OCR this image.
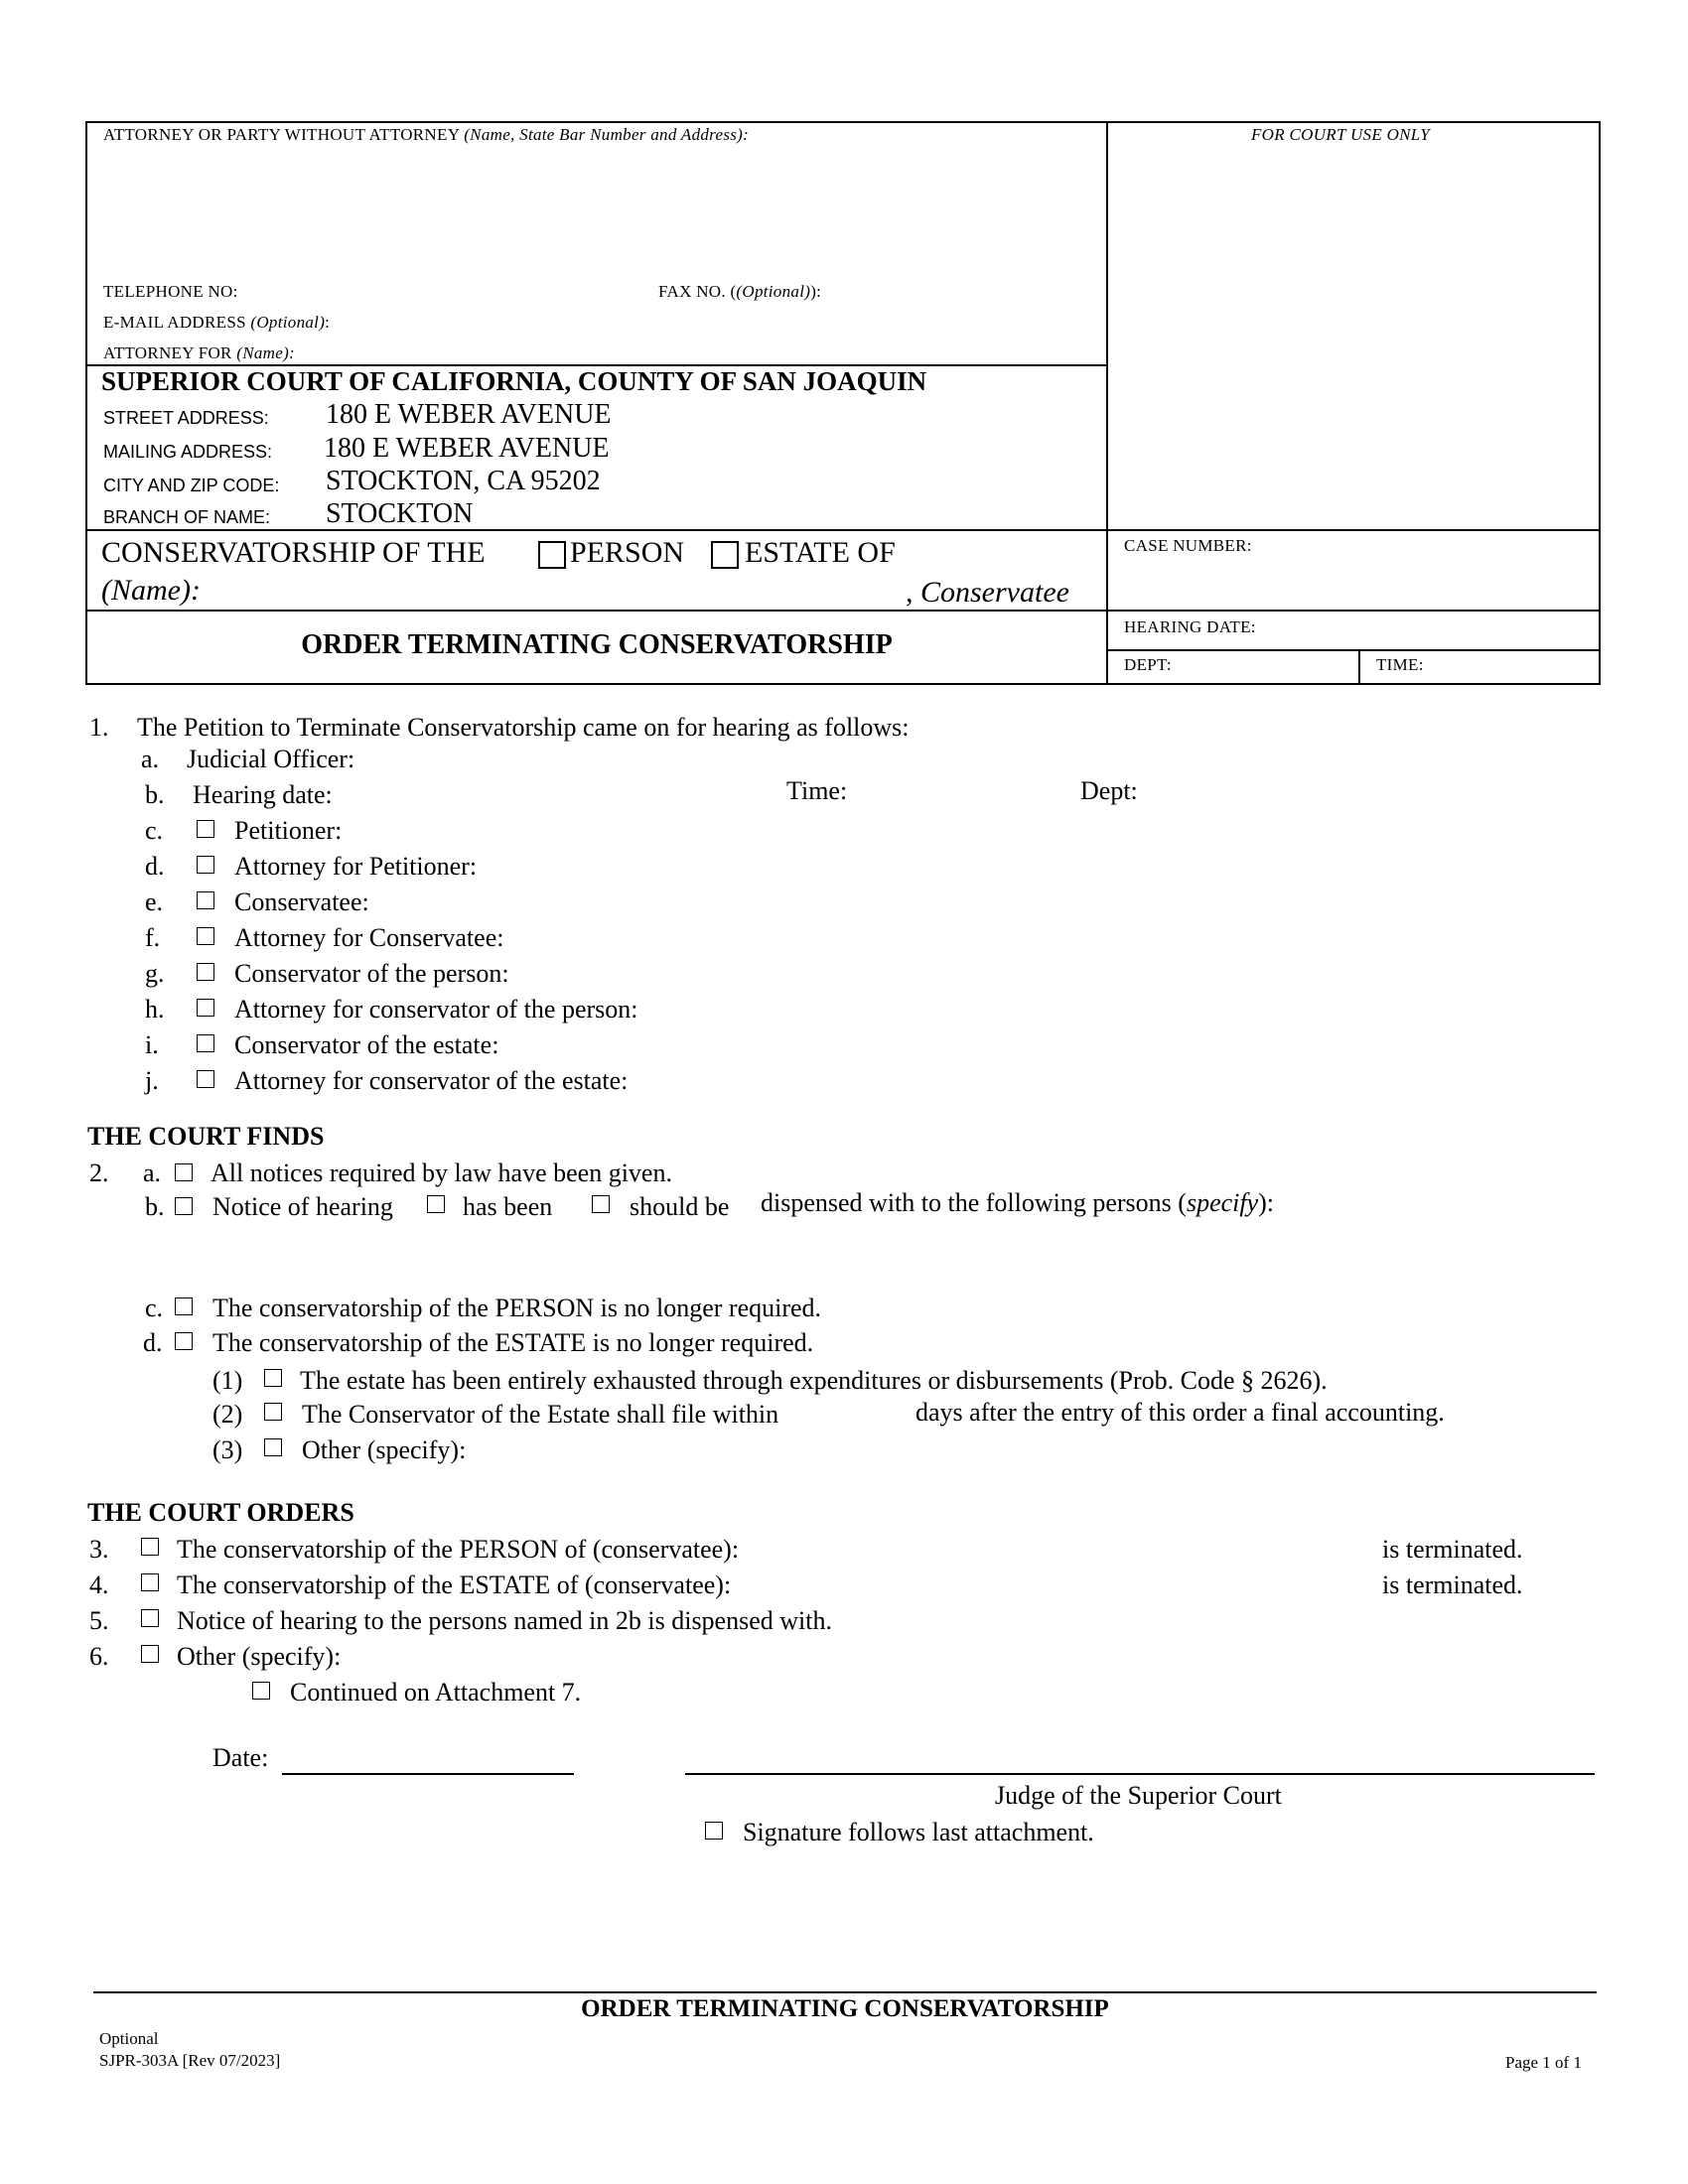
ATTORNEY OR PARTY WITHOUT ATTORNEY (Name, State Bar Number and Address):	FOR COURT USE ONLY
TELEPHONE NO:	FAX NO. ((Optional)):
E-MAIL ADDRESS (Optional):
ATTORNEY FOR (Name):
SUPERIOR COURT OF CALIFORNIA, COUNTY OF SAN JOAQUIN
STREET ADDRESS: 180 E WEBER AVENUE
MAILING ADDRESS: 180 E WEBER AVENUE
CITY AND ZIP CODE: STOCKTON, CA 95202
BRANCH OF NAME: STOCKTON
CONSERVATORSHIP OF THE	PERSON ESTATE OF
(Name):	, Conservatee
CASE NUMBER:
ORDER TERMINATING CONSERVATORSHIP
HEARING DATE:
DEPT:	TIME:
1. The Petition to Terminate Conservatorship came on for hearing as follows:
a. Judicial Officer:
b. Hearing date:	Time:	Dept:
c.	Petitioner:
d.	Attorney for Petitioner:
e.	Conservatee:
f.	Attorney for Conservatee:
g.	Conservator of the person:
h.	Attorney for conservator of the person:
i.	Conservator of the estate:
j.	Attorney for conservator of the estate:
THE COURT FINDS
2. a. All notices required by law have been given.
b. Notice of hearing	has been	should be dispensed with to the following persons (specify):
c. The conservatorship of the PERSON is no longer required.
d. The conservatorship of the ESTATE is no longer required.
(1) The estate has been entirely exhausted through expenditures or disbursements (Prob. Code § 2626).
(2) The Conservator of the Estate shall file within	days after the entry of this order a final accounting.
(3) Other (specify):
THE COURT ORDERS
3.	The conservatorship of the PERSON of (conservatee):	is terminated.
4.	The conservatorship of the ESTATE of (conservatee):	is terminated.
5.	Notice of hearing to the persons named in 2b is dispensed with.
6.	Other (specify):
Continued on Attachment 7.
Date:
Judge of the Superior Court
Signature follows last attachment.
ORDER TERMINATING CONSERVATORSHIP
Optional
SJPR-303A [Rev 07/2023]	Page 1 of 1
